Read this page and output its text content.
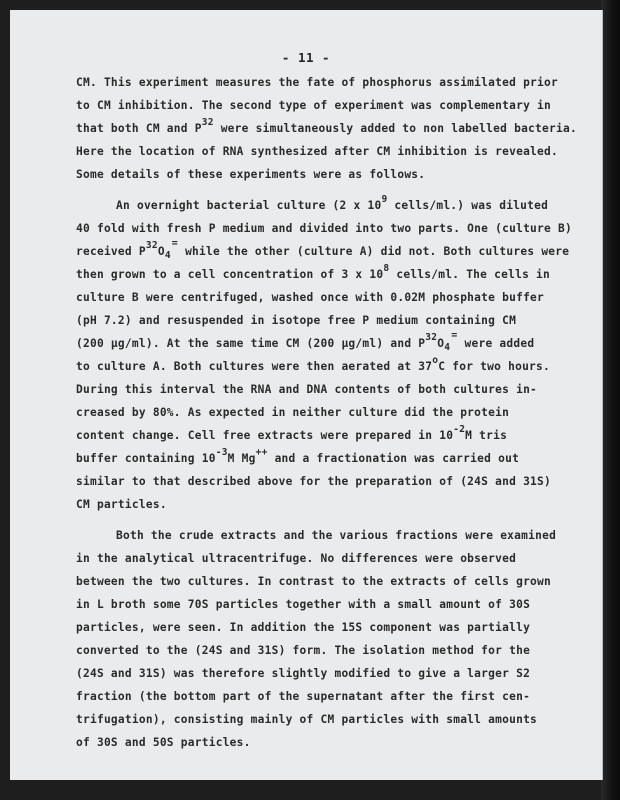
- 11 -
CM. This experiment measures the fate of phosphorus assimilated prior
to CM inhibition. The second type of experiment was complementary in
that both CM and $P^{32}$ were simultaneously added to non labelled bacteria.
Here the location of RNA synthesized after CM inhibition is revealed.
Some details of these experiments were as follows.
An overnight bacterial culture (2 x $10^9$ cells/ml.) was diluted
40 fold with fresh P medium and divided into two parts. One (culture B)
received $P^{32}O_4=$ while the other (culture A) did not. Both cultures were
then grown to a cell concentration of 3 x $10^8$ cells/ml. The cells in
culture B were centrifuged, washed once with 0.02M phosphate buffer
(pH 7.2) and resuspended in isotope free P medium containing CM
(200 μg/ml). At the same time CM (200 μg/ml) and $P^{32}O_4=$ were added
to culture A. Both cultures were then aerated at 37$^o$C for two hours.
During this interval the RNA and DNA contents of both cultures in-
creased by 80%. As expected in neither culture did the protein
content change. Cell free extracts were prepared in $10^{-2}M$ tris
buffer containing $10^{-3}M$ Mg++ and a fractionation was carried out
similar to that described above for the preparation of (24S and 31S)
CM particles.
Both the crude extracts and the various fractions were examined
in the analytical ultracentrifuge. No differences were observed
between the two cultures. In contrast to the extracts of cells grown
in L broth some 70S particles together with a small amount of 30S
particles, were seen. In addition the 15S component was partially
converted to the (24S and 31S) form. The isolation method for the
(24S and 31S) was therefore slightly modified to give a larger S2
fraction (the bottom part of the supernatant after the first cen-
trifugation), consisting mainly of CM particles with small amounts
of 30S and 50S particles.
